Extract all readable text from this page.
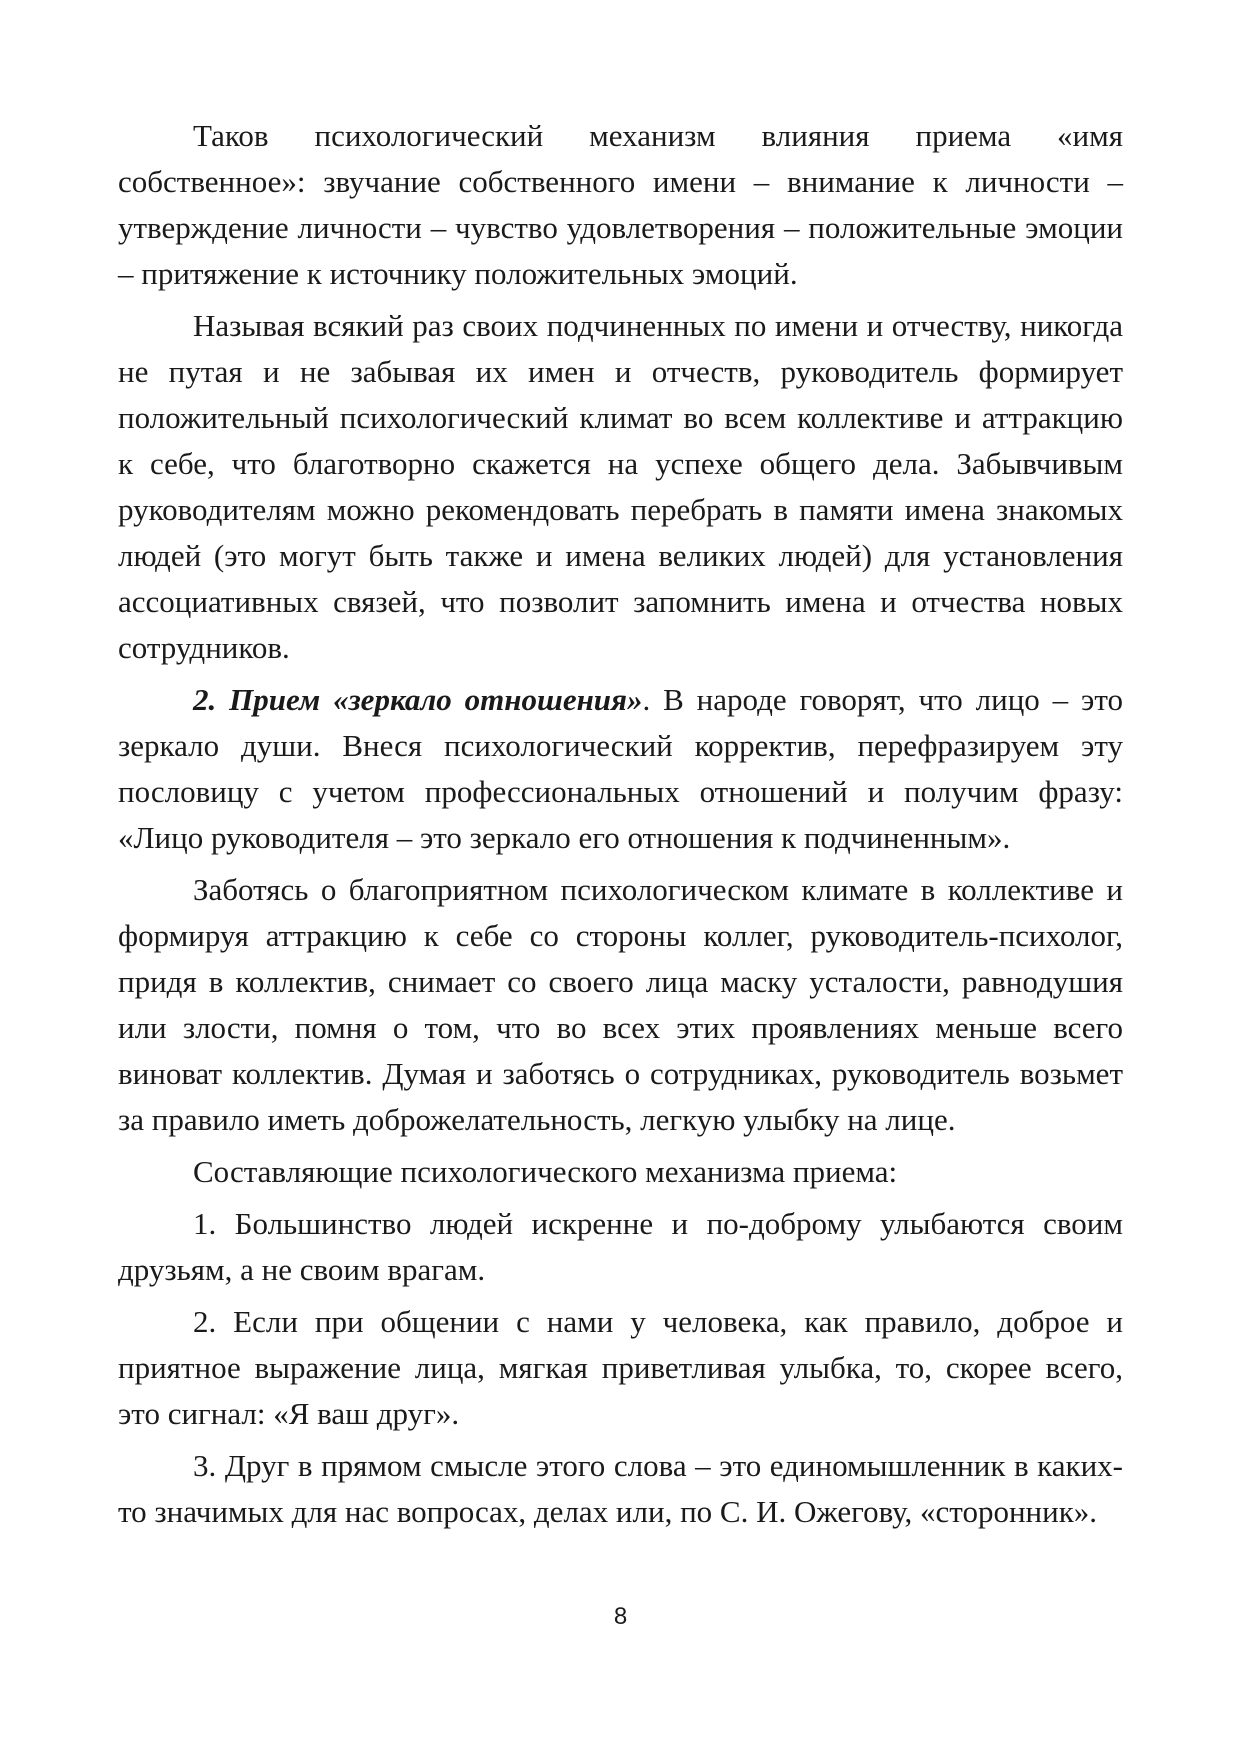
Таков психологический механизм влияния приема «имя собственное»: звучание собственного имени – внимание к личности – утверждение личности – чувство удовлетворения – положительные эмоции – притяжение к источнику положительных эмоций.

Называя всякий раз своих подчиненных по имени и отчеству, никогда не путая и не забывая их имен и отчеств, руководитель формирует положительный психологический климат во всем коллективе и аттракцию к себе, что благотворно скажется на успехе общего дела. Забывчивым руководителям можно рекомендовать перебрать в памяти имена знакомых людей (это могут быть также и имена великих людей) для установления ассоциативных связей, что позволит запомнить имена и отчества новых сотрудников.

2. Прием «зеркало отношения». В народе говорят, что лицо – это зеркало души. Внеся психологический корректив, перефразируем эту пословицу с учетом профессиональных отношений и получим фразу: «Лицо руководителя – это зеркало его отношения к подчиненным».

Заботясь о благоприятном психологическом климате в коллективе и формируя аттракцию к себе со стороны коллег, руководитель-психолог, придя в коллектив, снимает со своего лица маску усталости, равнодушия или злости, помня о том, что во всех этих проявлениях меньше всего виноват коллектив. Думая и заботясь о сотрудниках, руководитель возьмет за правило иметь доброжелательность, легкую улыбку на лице.

Составляющие психологического механизма приема:

1. Большинство людей искренне и по-доброму улыбаются своим друзьям, а не своим врагам.

2. Если при общении с нами у человека, как правило, доброе и приятное выражение лица, мягкая приветливая улыбка, то, скорее всего, это сигнал: «Я ваш друг».

3. Друг в прямом смысле этого слова – это единомышленник в каких-то значимых для нас вопросах, делах или, по С. И. Ожегову, «сторонник».

8
